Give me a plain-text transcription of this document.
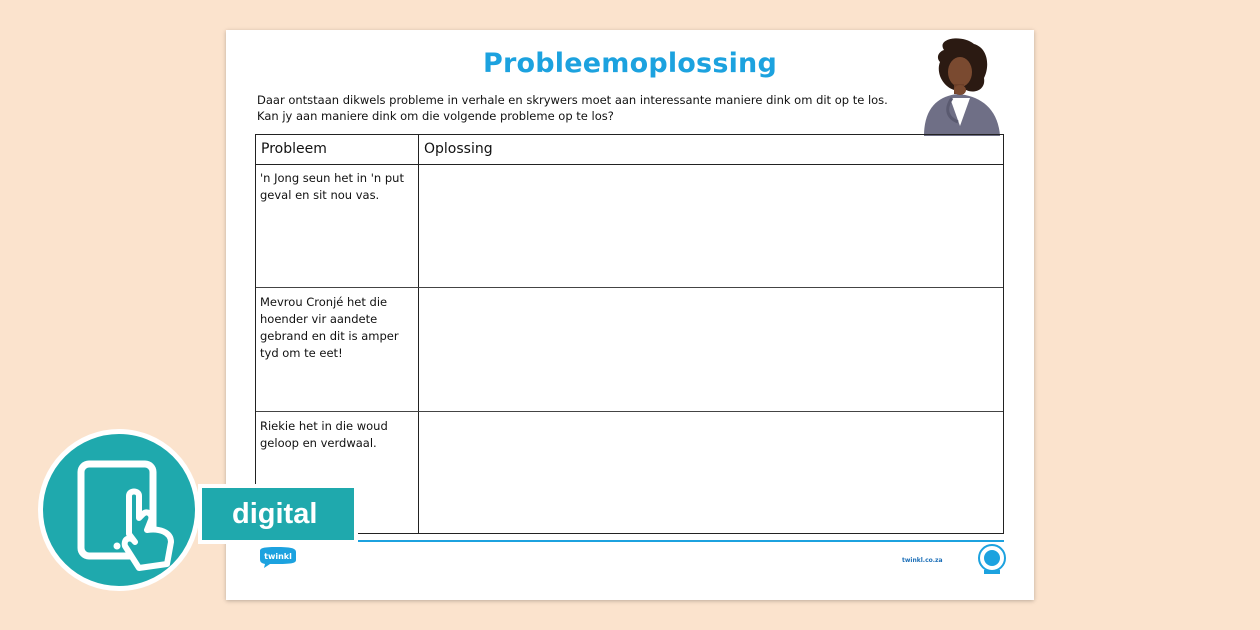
Probleemoplossing
Daar ontstaan dikwels probleme in verhale en skrywers moet aan interessante maniere dink om dit op te los.
Kan jy aan maniere dink om die volgende probleme op te los?
Probleem	Oplossing
'n Jong seun het in 'n put geval en sit nou vas.
Mevrou Cronjé het die hoender vir aandete gebrand en dit is amper tyd om te eet!
Riekie het in die woud geloop en verdwaal.
twinkl	twinkl.co.za
digital
